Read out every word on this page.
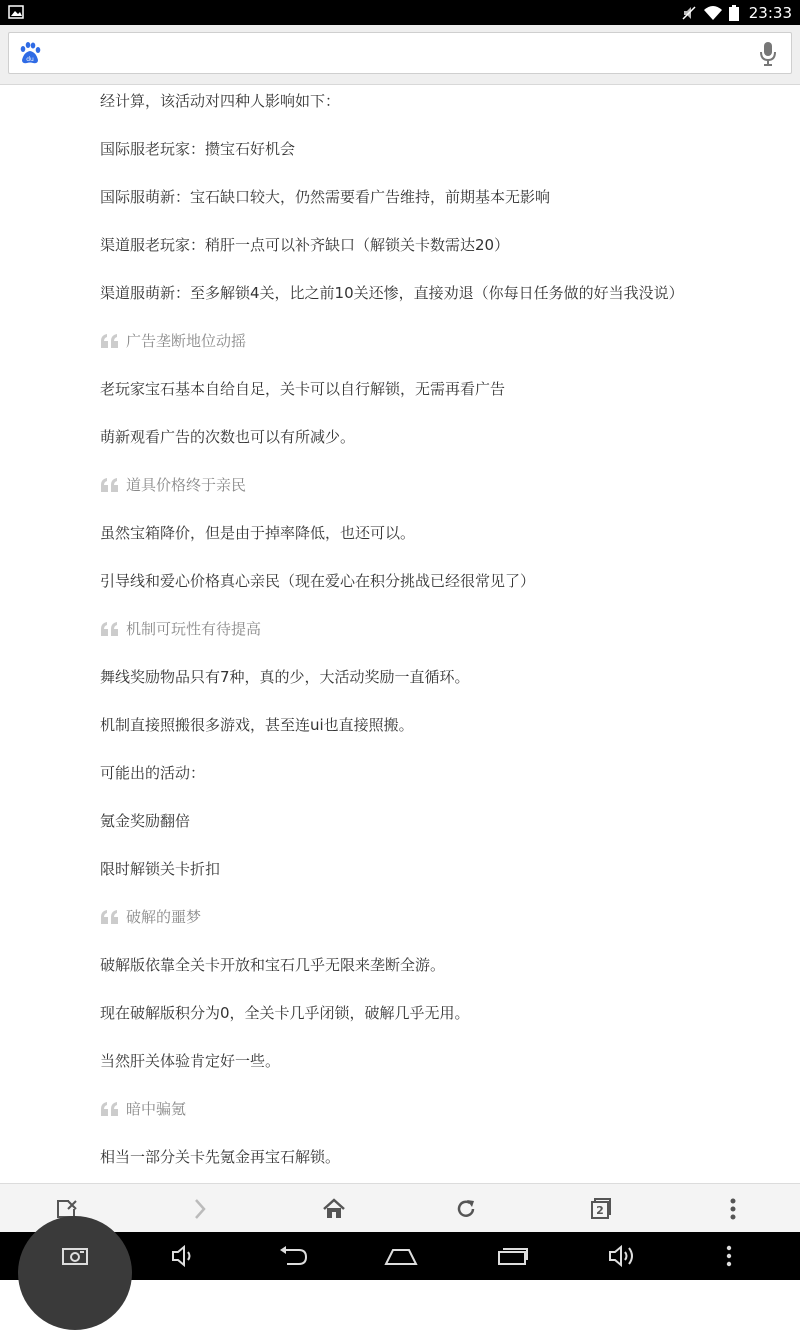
23:33
du
经计算，该活动对四种人影响如下：
国际服老玩家：攒宝石好机会
国际服萌新：宝石缺口较大，仍然需要看广告维持，前期基本无影响
渠道服老玩家：稍肝一点可以补齐缺口（解锁关卡数需达20）
渠道服萌新：至多解锁4关，比之前10关还惨，直接劝退（你每日任务做的好当我没说）
广告垄断地位动摇
老玩家宝石基本自给自足，关卡可以自行解锁，无需再看广告
萌新观看广告的次数也可以有所减少。
道具价格终于亲民
虽然宝箱降价，但是由于掉率降低，也还可以。
引导线和爱心价格真心亲民（现在爱心在积分挑战已经很常见了）
机制可玩性有待提高
舞线奖励物品只有7种，真的少，大活动奖励一直循环。
机制直接照搬很多游戏，甚至连ui也直接照搬。
可能出的活动：
氪金奖励翻倍
限时解锁关卡折扣
破解的噩梦
破解版依靠全关卡开放和宝石几乎无限来垄断全游。
现在破解版积分为0，全关卡几乎闭锁，破解几乎无用。
当然肝关体验肯定好一些。
暗中骗氪
相当一部分关卡先氪金再宝石解锁。
2
